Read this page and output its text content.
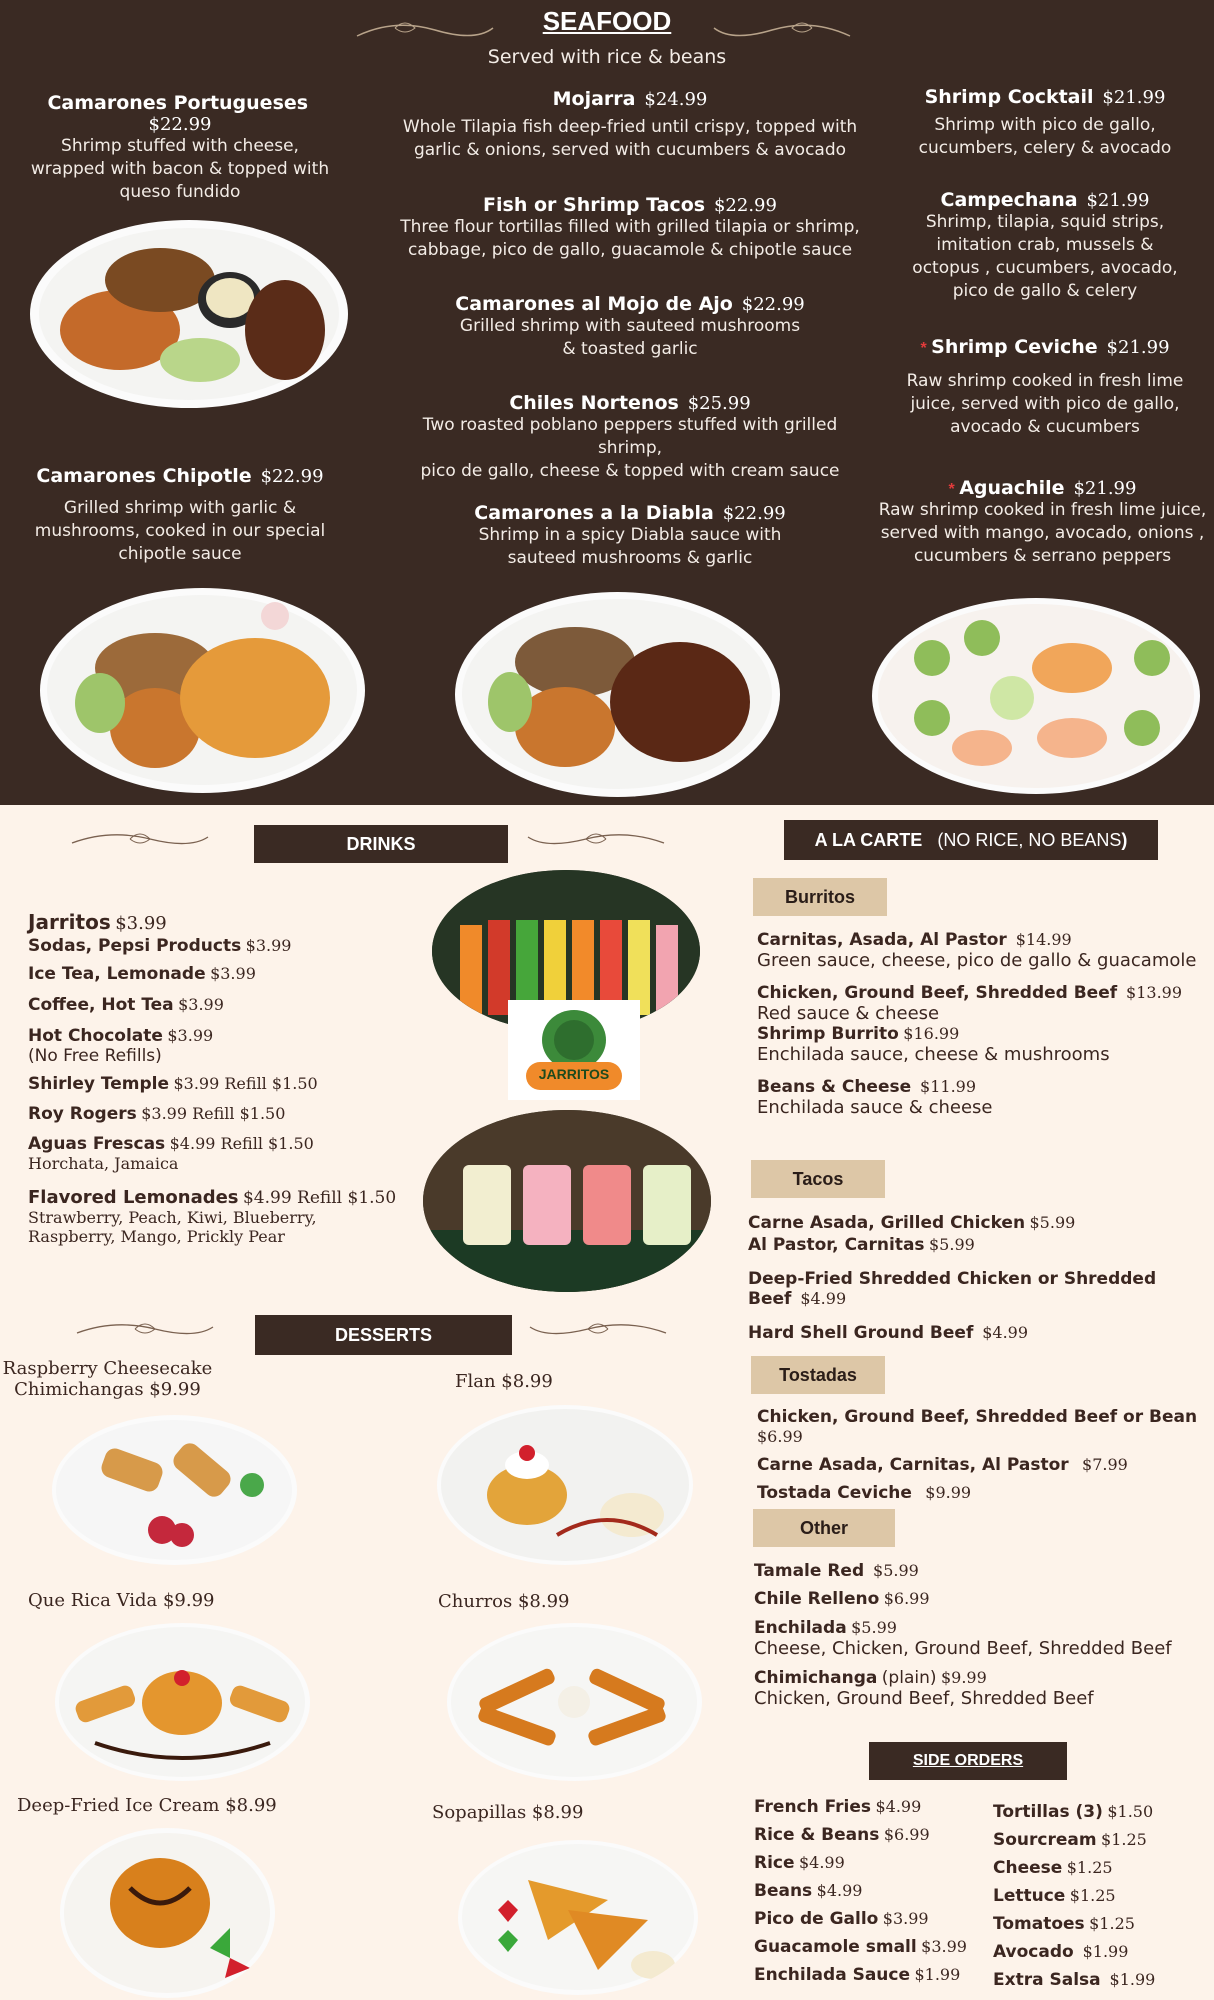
SEAFOOD
Served with rice & beans
Camarones Portugueses  $22.99
Shrimp stuffed with cheese,
wrapped with bacon & topped with
queso fundido
Camarones Chipotle $22.99
Grilled shrimp with garlic &
mushrooms, cooked in our special
chipotle sauce
Mojarra $24.99
Whole Tilapia fish deep-fried until crispy, topped with
garlic & onions, served with cucumbers & avocado
Fish or Shrimp Tacos $22.99
Three flour tortillas filled with grilled tilapia or shrimp,
cabbage, pico de gallo, guacamole & chipotle sauce
Camarones al Mojo de Ajo $22.99
Grilled shrimp with sauteed mushrooms
& toasted garlic
Chiles Nortenos $25.99
Two roasted poblano peppers stuffed with grilled shrimp,
pico de gallo, cheese & topped with cream sauce
Camarones a la Diabla $22.99
Shrimp in a spicy Diabla sauce with
sauteed mushrooms & garlic
Shrimp Cocktail $21.99
Shrimp with pico de gallo,
cucumbers, celery & avocado
Campechana $21.99
Shrimp, tilapia, squid strips,
imitation crab, mussels &
octopus , cucumbers, avocado,
pico de gallo & celery
* Shrimp Ceviche $21.99
Raw shrimp cooked in fresh lime
juice, served with pico de gallo,
avocado & cucumbers
* Aguachile $21.99
Raw shrimp cooked in fresh lime juice,
served with mango, avocado, onions ,
cucumbers & serrano peppers
DRINKS	A LA CARTE (NO RICE, NO BEANS)
Jarritos $3.99
Sodas, Pepsi Products $3.99
Ice Tea, Lemonade $3.99
Coffee, Hot Tea $3.99
Hot Chocolate $3.99
(No Free Refills)
Shirley Temple $3.99 Refill $1.50
Roy Rogers $3.99 Refill $1.50
Aguas Frescas $4.99 Refill $1.50
Horchata, Jamaica
Flavored Lemonades $4.99 Refill $1.50
Strawberry, Peach, Kiwi, Blueberry,
Raspberry, Mango, Prickly Pear
JARRITOS
DESSERTS
Raspberry Cheesecake
Chimichangas $9.99	Flan $8.99
Que Rica Vida $9.99	Churros $8.99
Deep-Fried Ice Cream $8.99	Sopapillas $8.99
Burritos
Carnitas, Asada, Al Pastor $14.99
Green sauce, cheese, pico de gallo & guacamole
Chicken, Ground Beef, Shredded Beef $13.99
Red sauce & cheese
Shrimp Burrito $16.99
Enchilada sauce, cheese & mushrooms
Beans & Cheese $11.99
Enchilada sauce & cheese
Tacos
Carne Asada, Grilled Chicken $5.99
Al Pastor, Carnitas $5.99
Deep-Fried Shredded Chicken or Shredded Beef $4.99
Hard Shell Ground Beef $4.99
Tostadas
Chicken, Ground Beef, Shredded Beef or Bean   $6.99
Carne Asada, Carnitas, Al Pastor $7.99
Tostada Ceviche $9.99
Other
Tamale Red $5.99
Chile Relleno $6.99
Enchilada $5.99
Cheese, Chicken, Ground Beef, Shredded Beef
Chimichanga (plain) $9.99
Chicken, Ground Beef, Shredded Beef
SIDE ORDERS
French Fries $4.99
Rice & Beans $6.99
Rice $4.99
Beans $4.99
Pico de Gallo $3.99
Guacamole small $3.99
Enchilada Sauce $1.99
Tortillas (3) $1.50
Sourcream $1.25
Cheese $1.25
Lettuce $1.25
Tomatoes $1.25
Avocado $1.99
Extra Salsa $1.99
